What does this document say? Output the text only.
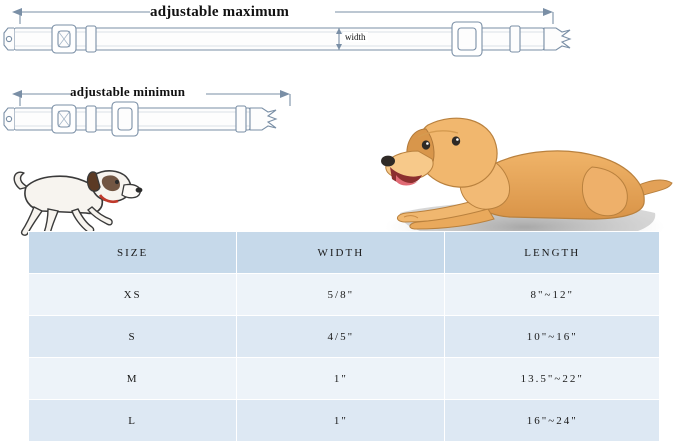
adjustable maximum
adjustable minimun
width
SIZE	WIDTH	LENGTH
XS	5/8"	8"~12"
S	4/5"	10"~16"
M	1"	13.5"~22"
L	1"	16"~24"
